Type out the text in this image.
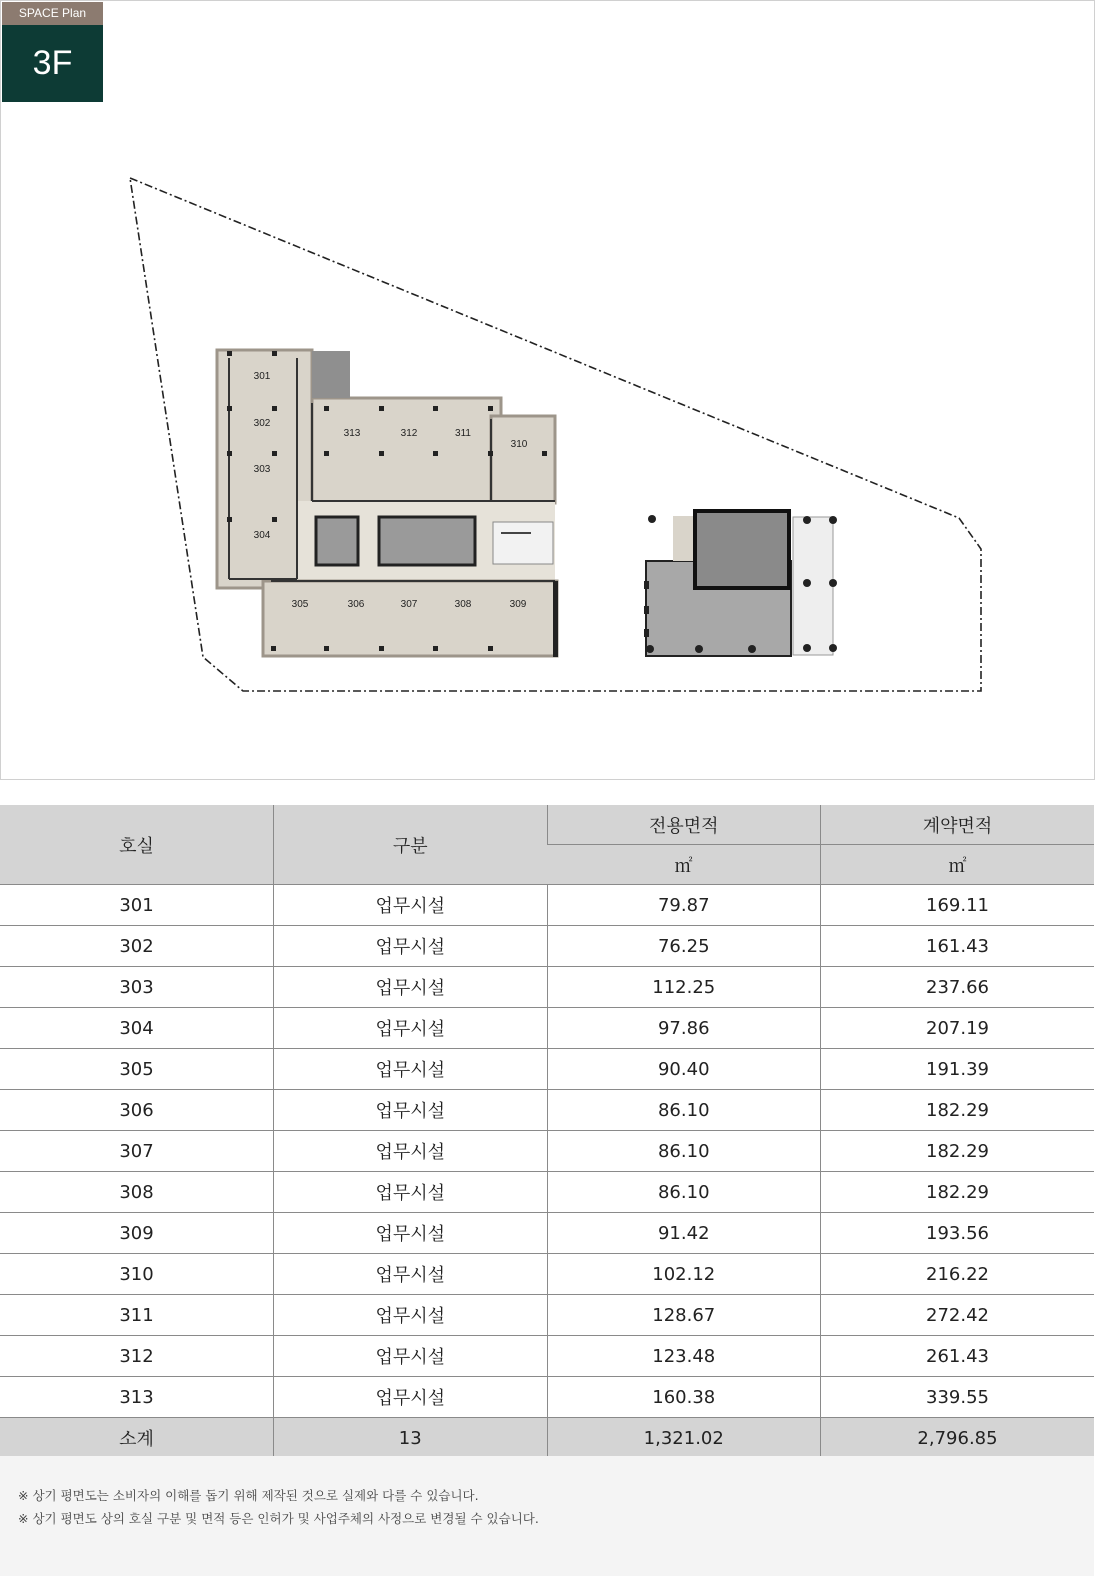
SPACE Plan
3F
301
302
303
304
305	306	307	308	309
310
311
312
313
호실	구분	전용면적	계약면적
		㎡	㎡
301	업무시설	79.87	169.11
302	업무시설	76.25	161.43
303	업무시설	112.25	237.66
304	업무시설	97.86	207.19
305	업무시설	90.40	191.39
306	업무시설	86.10	182.29
307	업무시설	86.10	182.29
308	업무시설	86.10	182.29
309	업무시설	91.42	193.56
310	업무시설	102.12	216.22
311	업무시설	128.67	272.42
312	업무시설	123.48	261.43
313	업무시설	160.38	339.55
소계	13	1,321.02	2,796.85
※ 상기 평면도는 소비자의 이해를 돕기 위해 제작된 것으로 실제와 다를 수 있습니다.
※ 상기 평면도 상의 호실 구분 및 면적 등은 인허가 및 사업주체의 사정으로 변경될 수 있습니다.
